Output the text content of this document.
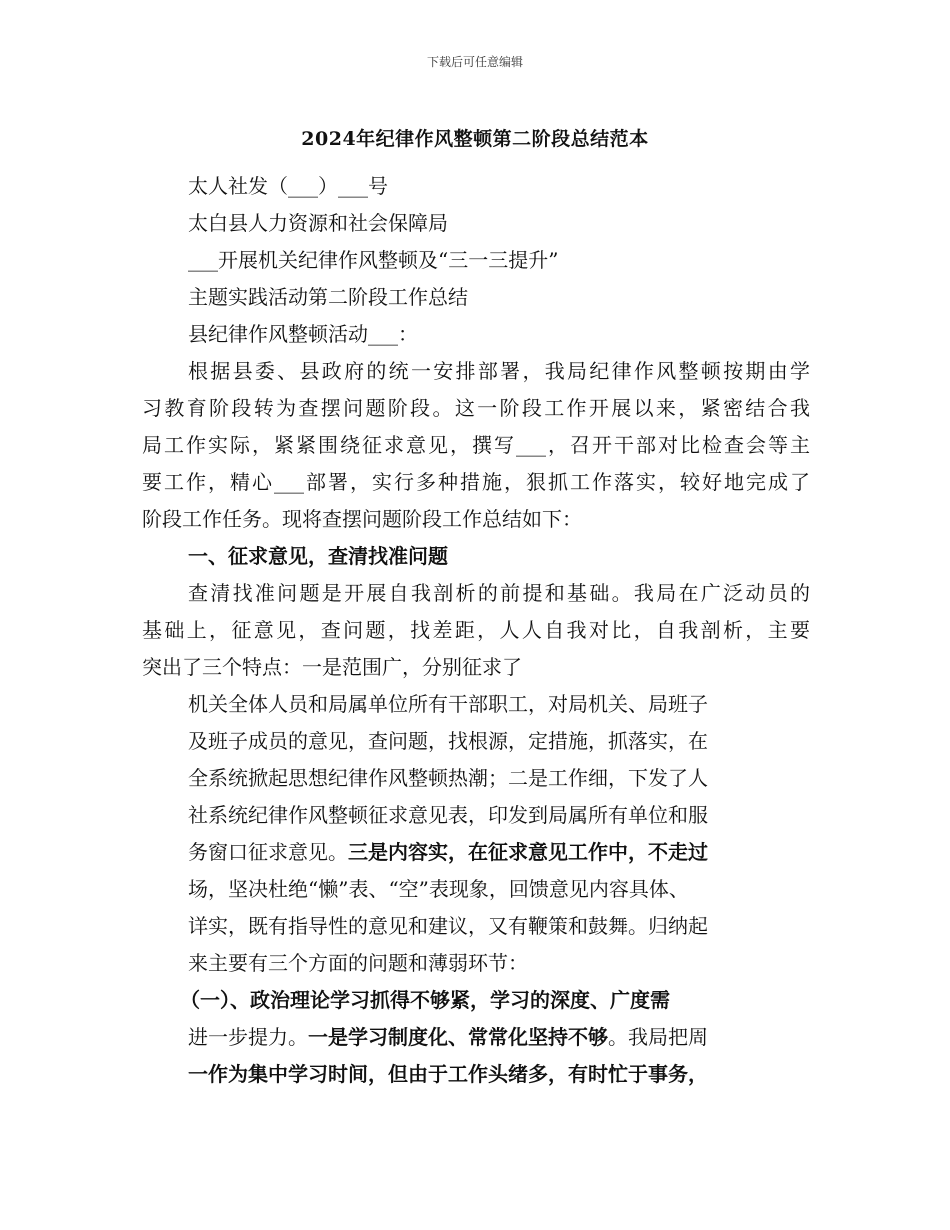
下载后可任意编辑
2024年纪律作风整顿第二阶段总结范本
太人社发（___）___号
太白县人力资源和社会保障局
___开展机关纪律作风整顿及“三一三提升”
主题实践活动第二阶段工作总结
县纪律作风整顿活动___：
根据县委、县政府的统一安排部署，我局纪律作风整顿按期由学
习教育阶段转为查摆问题阶段。这一阶段工作开展以来，紧密结合我
局工作实际，紧紧围绕征求意见，撰写___，召开干部对比检查会等主
要工作，精心___部署，实行多种措施，狠抓工作落实，较好地完成了
阶段工作任务。现将查摆问题阶段工作总结如下：
一、征求意见，查清找准问题
查清找准问题是开展自我剖析的前提和基础。我局在广泛动员的
基础上，征意见，查问题，找差距，人人自我对比，自我剖析，主要
突出了三个特点：一是范围广，分别征求了
机关全体人员和局属单位所有干部职工，对局机关、局班子
及班子成员的意见，查问题，找根源，定措施，抓落实，在
全系统掀起思想纪律作风整顿热潮；二是工作细，下发了人
社系统纪律作风整顿征求意见表，印发到局属所有单位和服
务窗口征求意见。三是内容实，在征求意见工作中，不走过
场，坚决杜绝“懒”表、“空”表现象，回馈意见内容具体、
详实，既有指导性的意见和建议，又有鞭策和鼓舞。归纳起
来主要有三个方面的问题和薄弱环节：
（一）、政治理论学习抓得不够紧，学习的深度、广度需
进一步提力。一是学习制度化、常常化坚持不够。我局把周
一作为集中学习时间，但由于工作头绪多，有时忙于事务，
